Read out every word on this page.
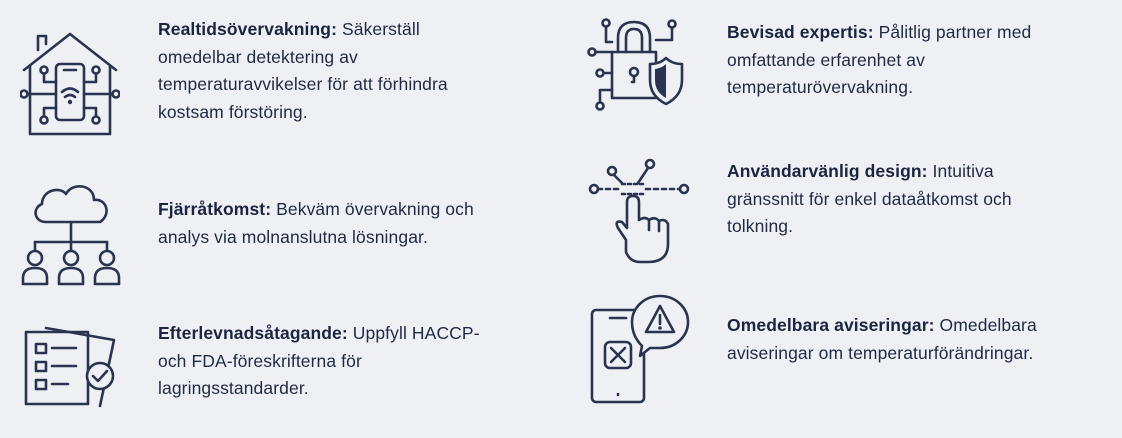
Realtidsövervakning: Säkerställ omedelbar detektering av temperaturavvikelser för att förhindra kostsam förstöring.
Fjärråtkomst: Bekväm övervakning och analys via molnanslutna lösningar.
Efterlevnadsåtagande: Uppfyll HACCP- och FDA-föreskrifterna för lagringsstandarder.
Bevisad expertis: Pålitlig partner med omfattande erfarenhet av temperaturövervakning.
Användarvänlig design: Intuitiva gränssnitt för enkel dataåtkomst och tolkning.
Omedelbara aviseringar: Omedelbara aviseringar om temperaturförändringar.
